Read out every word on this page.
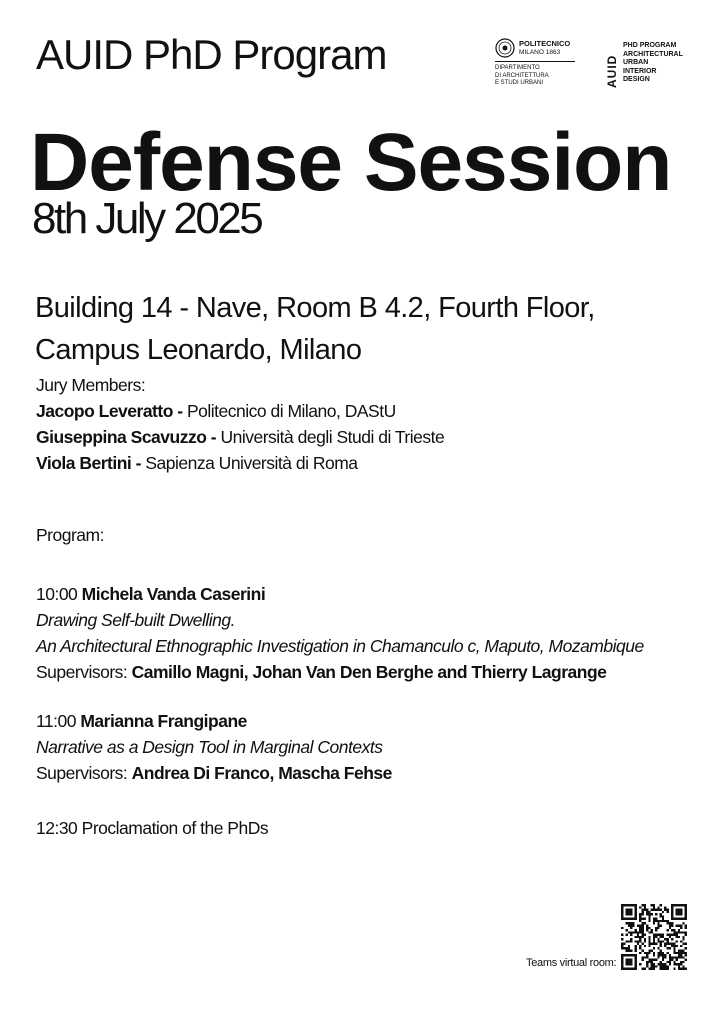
AUID PhD Program	POLITECNICO
MILANO 1863
DIPARTIMENTO
DI ARCHITETTURA
E STUDI URBANI	AUID
PHD PROGRAM
ARCHITECTURAL
URBAN
INTERIOR
DESIGN
Defense Session
8th July 2025
Building 14 - Nave, Room B 4.2, Fourth Floor,
Campus Leonardo, Milano
Jury Members:
Jacopo Leveratto - Politecnico di Milano, DAStU
Giuseppina Scavuzzo - Università degli Studi di Trieste
Viola Bertini - Sapienza Università di Roma
Program:
10:00 Michela Vanda Caserini
Drawing Self-built Dwelling.
An Architectural Ethnographic Investigation in Chamanculo c, Maputo, Mozambique
Supervisors: Camillo Magni, Johan Van Den Berghe and Thierry Lagrange
11:00 Marianna Frangipane
Narrative as a Design Tool in Marginal Contexts
Supervisors: Andrea Di Franco, Mascha Fehse
12:30 Proclamation of the PhDs
Teams virtual room:
